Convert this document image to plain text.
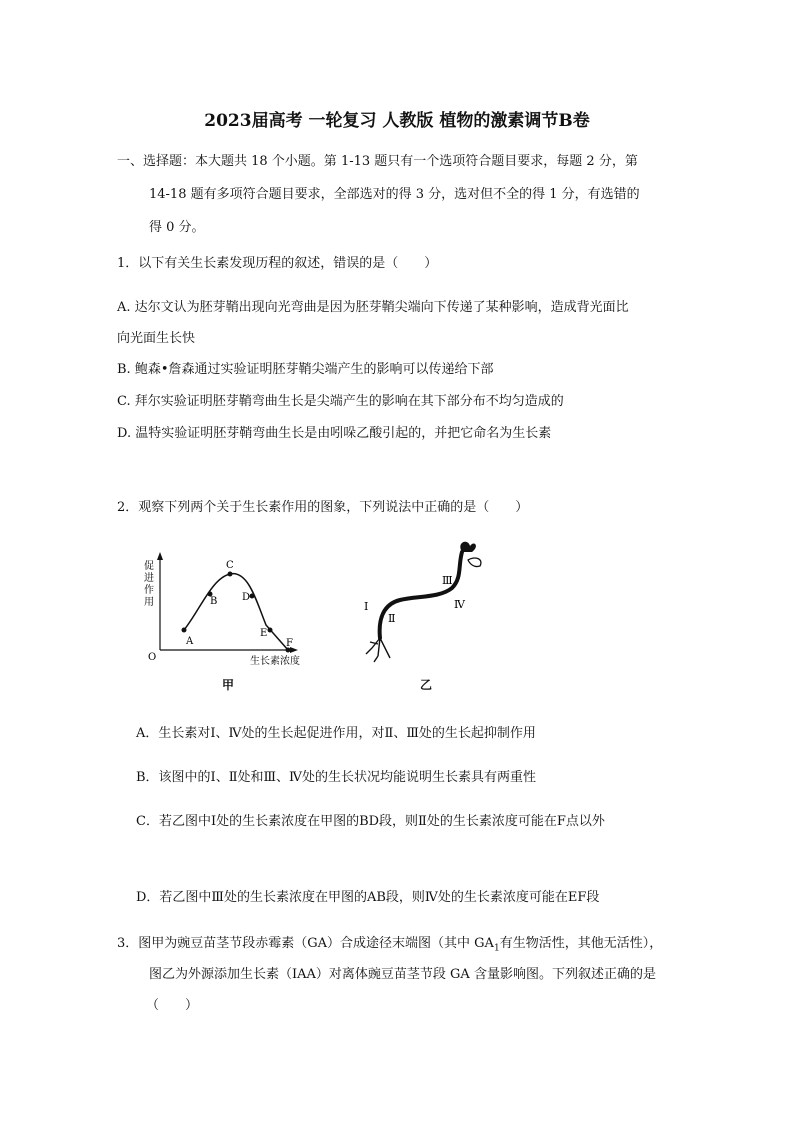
2023届高考 一轮复习 人教版 植物的激素调节B卷
一、选择题：本大题共 18 个小题。第 1-13 题只有一个选项符合题目要求，每题 2 分，第
14-18 题有多项符合题目要求，全部选对的得 3 分，选对但不全的得 1 分，有选错的
得 0 分。
1．以下有关生长素发现历程的叙述，错误的是（　　）
A. 达尔文认为胚芽鞘出现向光弯曲是因为胚芽鞘尖端向下传递了某种影响，造成背光面比
向光面生长快
B. 鲍森•詹森通过实验证明胚芽鞘尖端产生的影响可以传递给下部
C. 拜尔实验证明胚芽鞘弯曲生长是尖端产生的影响在其下部分布不均匀造成的
D. 温特实验证明胚芽鞘弯曲生长是由吲哚乙酸引起的，并把它命名为生长素
2．观察下列两个关于生长素作用的图象，下列说法中正确的是（　　）
促
进
作
用
O	生长素浓度
A
B
C
D
E
F
甲
Ⅰ
Ⅱ
Ⅲ
Ⅳ
乙
A．生长素对Ⅰ、Ⅳ处的生长起促进作用，对Ⅱ、Ⅲ处的生长起抑制作用
B．该图中的Ⅰ、Ⅱ处和Ⅲ、Ⅳ处的生长状况均能说明生长素具有两重性
C．若乙图中Ⅰ处的生长素浓度在甲图的BD段，则Ⅱ处的生长素浓度可能在F点以外
D．若乙图中Ⅲ处的生长素浓度在甲图的AB段，则Ⅳ处的生长素浓度可能在EF段
3．图甲为豌豆苗茎节段赤霉素（GA）合成途径末端图（其中 $GA_1$有生物活性，其他无活性），
图乙为外源添加生长素（IAA）对离体豌豆苗茎节段 GA 含量影响图。下列叙述正确的是
（　　）
